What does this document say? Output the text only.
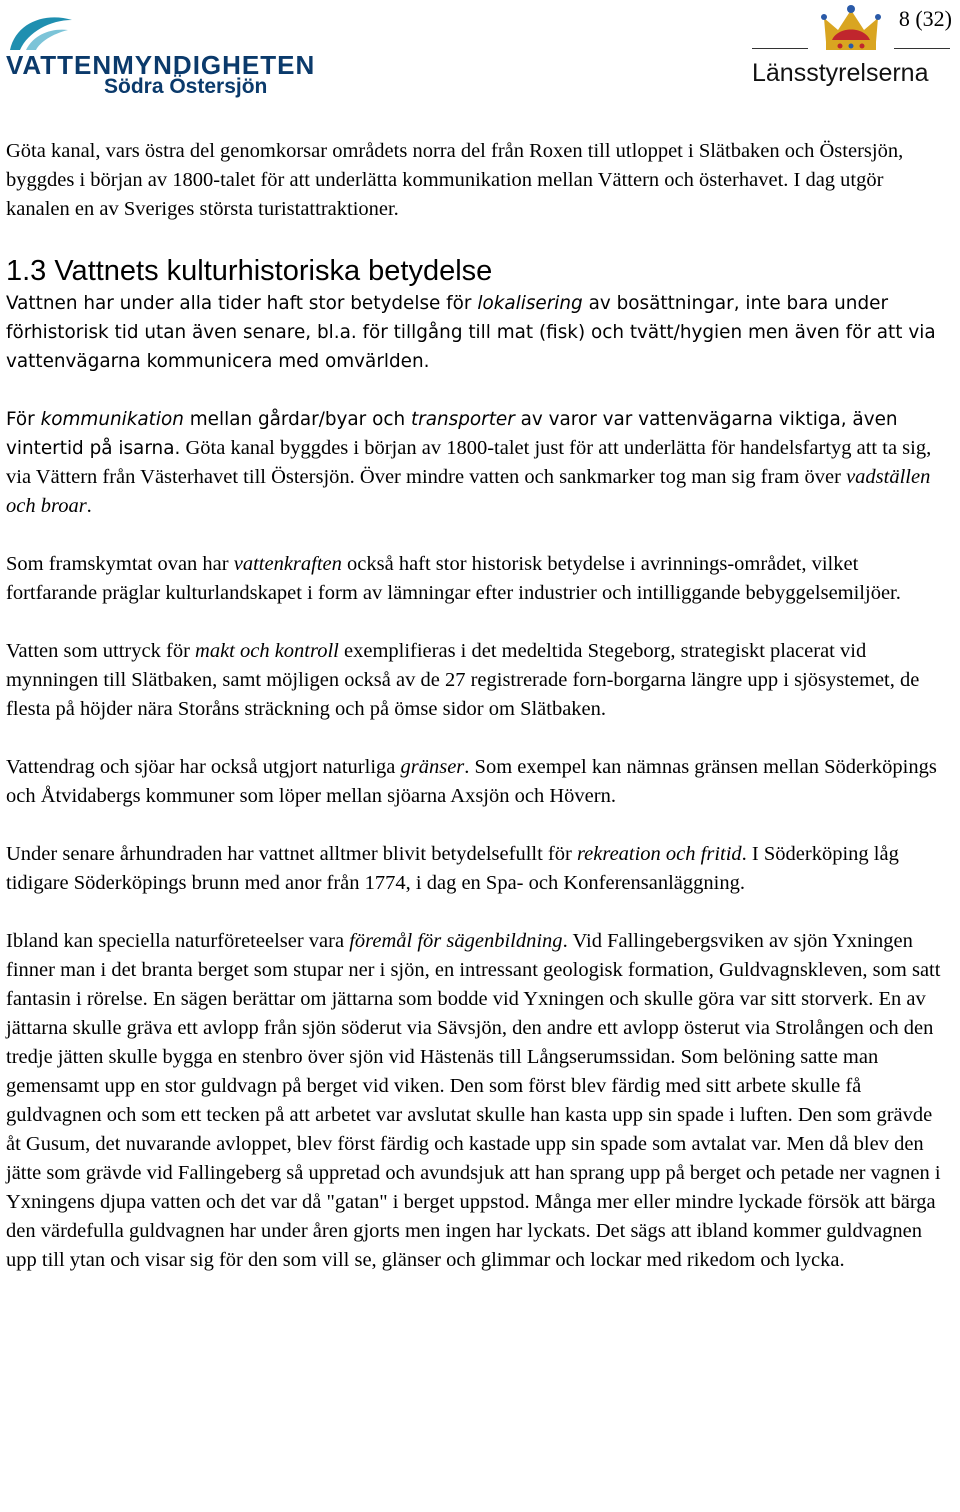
VATTENMYNDIGHETEN
Södra Östersjön
8 (32)
Länsstyrelserna

Göta kanal, vars östra del genomkorsar områdets norra del från Roxen till utloppet i Slätbaken och Östersjön, byggdes i början av 1800-talet för att underlätta kommunikation mellan Vättern och österhavet. I dag utgör kanalen en av Sveriges största turistattraktioner.

1.3 Vattnets kulturhistoriska betydelse

Vattnen har under alla tider haft stor betydelse för lokalisering av bosättningar, inte bara under förhistorisk tid utan även senare, bl.a. för tillgång till mat (fisk) och tvätt/hygien men även för att via vattenvägarna kommunicera med omvärlden.

För kommunikation mellan gårdar/byar och transporter av varor var vattenvägarna viktiga, även vintertid på isarna. Göta kanal byggdes i början av 1800-talet just för att underlätta för handelsfartyg att ta sig, via Vättern från Västerhavet till Östersjön. Över mindre vatten och sankmarker tog man sig fram över vadställen och broar.

Som framskymtat ovan har vattenkraften också haft stor historisk betydelse i avrinnings-området, vilket fortfarande präglar kulturlandskapet i form av lämningar efter industrier och intilliggande bebyggelsemiljöer.

Vatten som uttryck för makt och kontroll exemplifieras i det medeltida Stegeborg, strategiskt placerat vid mynningen till Slätbaken, samt möjligen också av de 27 registrerade forn-borgarna längre upp i sjösystemet, de flesta på höjder nära Storåns sträckning och på ömse sidor om Slätbaken.

Vattendrag och sjöar har också utgjort naturliga gränser. Som exempel kan nämnas gränsen mellan Söderköpings och Åtvidabergs kommuner som löper mellan sjöarna Axsjön och Hövern.

Under senare århundraden har vattnet alltmer blivit betydelsefullt för rekreation och fritid. I Söderköping låg tidigare Söderköpings brunn med anor från 1774, i dag en Spa- och Konferensanläggning.

Ibland kan speciella naturföreteelser vara föremål för sägenbildning. Vid Fallingebergsviken av sjön Yxningen finner man i det branta berget som stupar ner i sjön, en intressant geologisk formation, Guldvagnskleven, som satt fantasin i rörelse. En sägen berättar om jättarna som bodde vid Yxningen och skulle göra var sitt storverk. En av jättarna skulle gräva ett avlopp från sjön söderut via Sävsjön, den andre ett avlopp österut via Strolången och den tredje jätten skulle bygga en stenbro över sjön vid Hästenäs till Långserumssidan. Som belöning satte man gemensamt upp en stor guldvagn på berget vid viken. Den som först blev färdig med sitt arbete skulle få guldvagnen och som ett tecken på att arbetet var avslutat skulle han kasta upp sin spade i luften. Den som grävde åt Gusum, det nuvarande avloppet, blev först färdig och kastade upp sin spade som avtalat var. Men då blev den jätte som grävde vid Fallingeberg så uppretad och avundsjuk att han sprang upp på berget och petade ner vagnen i Yxningens djupa vatten och det var då "gatan" i berget uppstod. Många mer eller mindre lyckade försök att bärga den värdefulla guldvagnen har under åren gjorts men ingen har lyckats. Det sägs att ibland kommer guldvagnen upp till ytan och visar sig för den som vill se, glänser och glimmar och lockar med rikedom och lycka.
